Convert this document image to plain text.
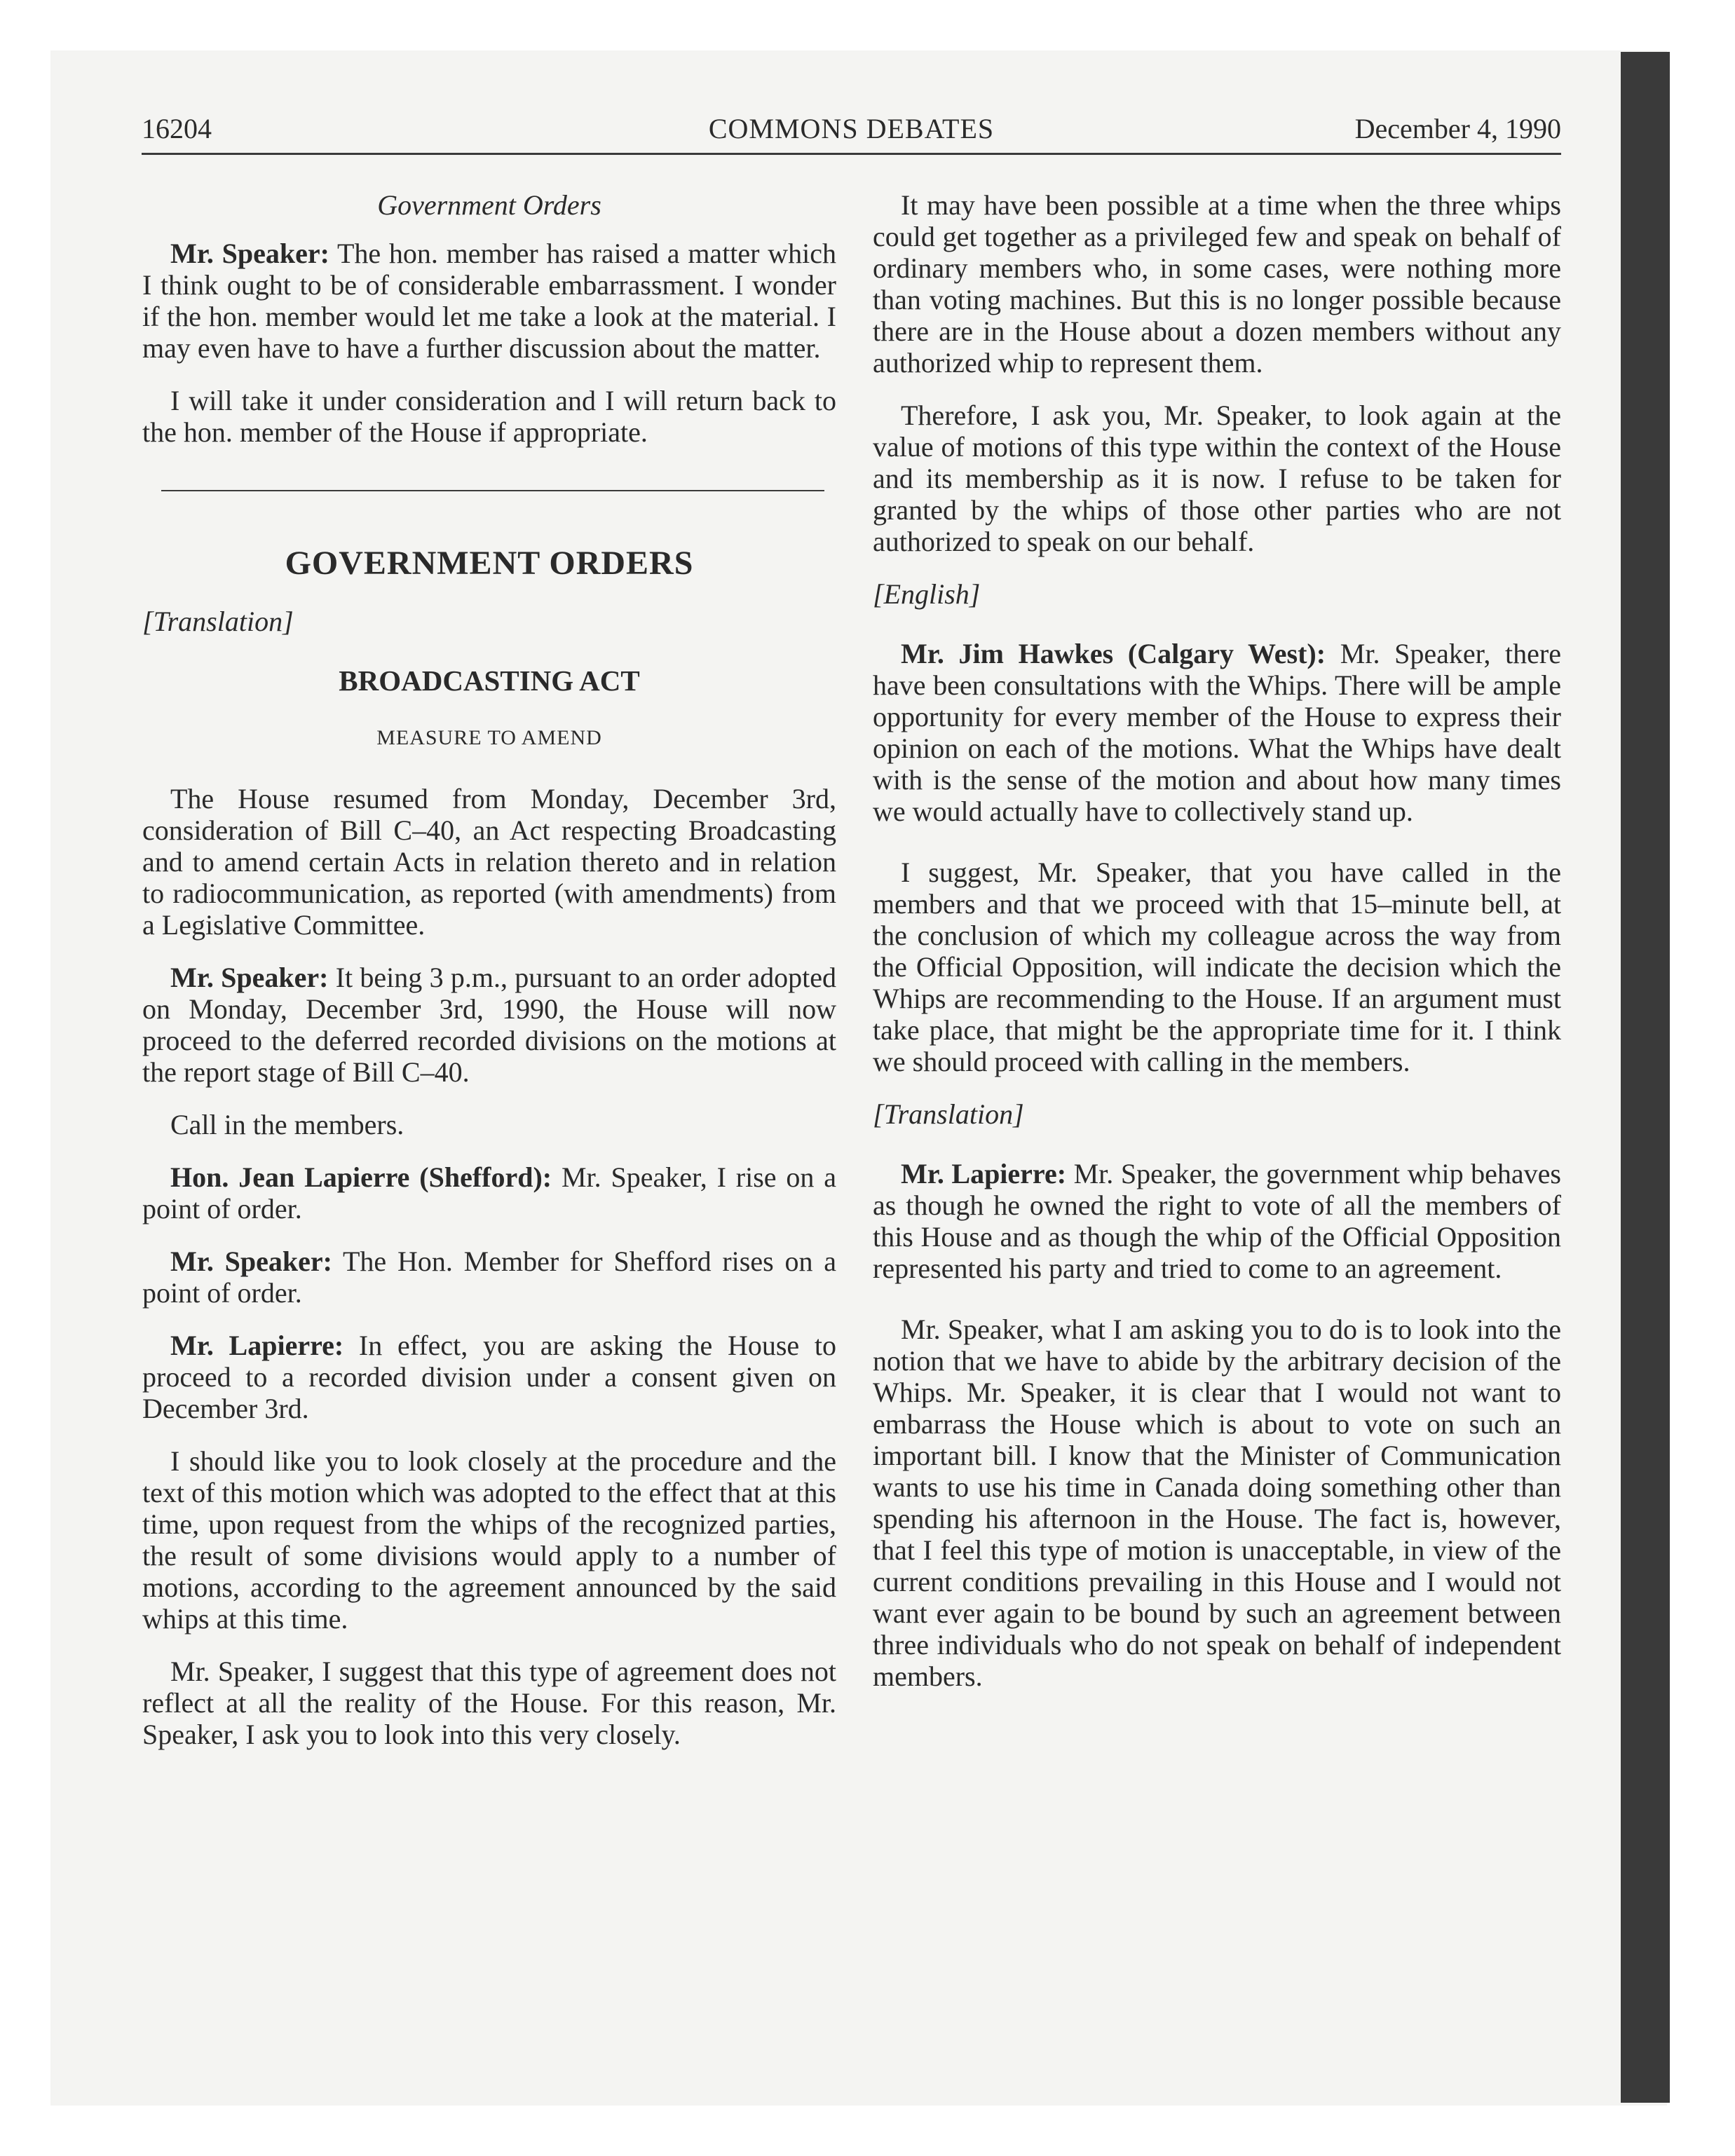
16204	COMMONS DEBATES	December 4, 1990
Government Orders

Mr. Speaker: The hon. member has raised a matter which I think ought to be of considerable embarrassment. I wonder if the hon. member would let me take a look at the material. I may even have to have a further discussion about the matter.

I will take it under consideration and I will return back to the hon. member of the House if appropriate.

GOVERNMENT ORDERS
[Translation]
BROADCASTING ACT
MEASURE TO AMEND

The House resumed from Monday, December 3rd, consideration of Bill C–40, an Act respecting Broadcasting and to amend certain Acts in relation thereto and in relation to radiocommunication, as reported (with amendments) from a Legislative Committee.

Mr. Speaker: It being 3 p.m., pursuant to an order adopted on Monday, December 3rd, 1990, the House will now proceed to the deferred recorded divisions on the motions at the report stage of Bill C–40.

Call in the members.

Hon. Jean Lapierre (Shefford): Mr. Speaker, I rise on a point of order.

Mr. Speaker: The Hon. Member for Shefford rises on a point of order.

Mr. Lapierre: In effect, you are asking the House to proceed to a recorded division under a consent given on December 3rd.

I should like you to look closely at the procedure and the text of this motion which was adopted to the effect that at this time, upon request from the whips of the recognized parties, the result of some divisions would apply to a number of motions, according to the agreement announced by the said whips at this time.

Mr. Speaker, I suggest that this type of agreement does not reflect at all the reality of the House. For this reason, Mr. Speaker, I ask you to look into this very closely.

It may have been possible at a time when the three whips could get together as a privileged few and speak on behalf of ordinary members who, in some cases, were nothing more than voting machines. But this is no longer possible because there are in the House about a dozen members without any authorized whip to represent them.

Therefore, I ask you, Mr. Speaker, to look again at the value of motions of this type within the context of the House and its membership as it is now. I refuse to be taken for granted by the whips of those other parties who are not authorized to speak on our behalf.

[English]

Mr. Jim Hawkes (Calgary West): Mr. Speaker, there have been consultations with the Whips. There will be ample opportunity for every member of the House to express their opinion on each of the motions. What the Whips have dealt with is the sense of the motion and about how many times we would actually have to collectively stand up.

I suggest, Mr. Speaker, that you have called in the members and that we proceed with that 15–minute bell, at the conclusion of which my colleague across the way from the Official Opposition, will indicate the decision which the Whips are recommending to the House. If an argument must take place, that might be the appropriate time for it. I think we should proceed with calling in the members.

[Translation]

Mr. Lapierre: Mr. Speaker, the government whip behaves as though he owned the right to vote of all the members of this House and as though the whip of the Official Opposition represented his party and tried to come to an agreement.

Mr. Speaker, what I am asking you to do is to look into the notion that we have to abide by the arbitrary decision of the Whips. Mr. Speaker, it is clear that I would not want to embarrass the House which is about to vote on such an important bill. I know that the Minister of Communication wants to use his time in Canada doing something other than spending his afternoon in the House. The fact is, however, that I feel this type of motion is unacceptable, in view of the current conditions prevailing in this House and I would not want ever again to be bound by such an agreement between three individuals who do not speak on behalf of independent members.
